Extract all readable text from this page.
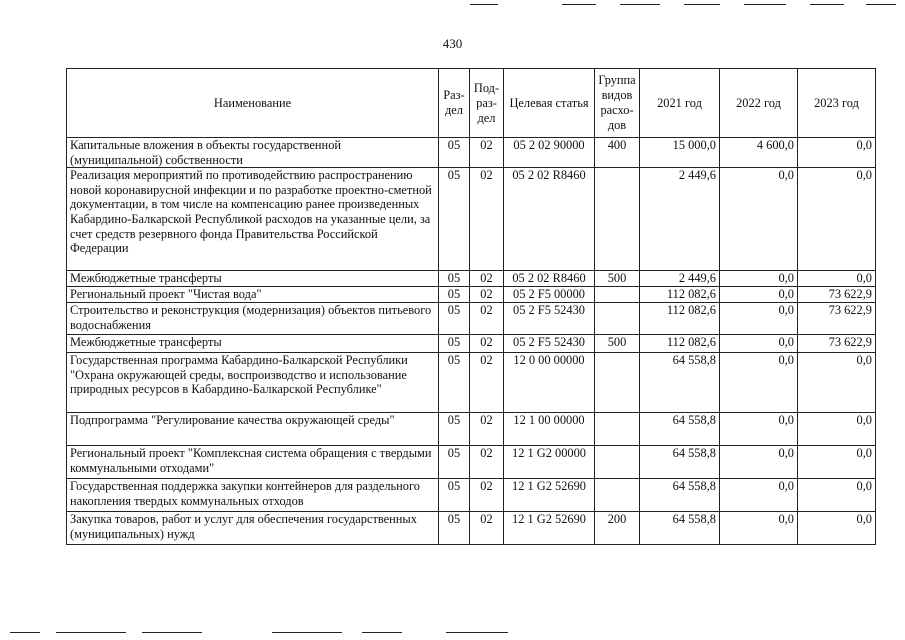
430
Наименование	Раз-дел	Под-раз-дел	Целевая статья	Группа видов расхо-дов	2021 год	2022 год	2023 год
Капитальные вложения в объекты государственной (муниципальной) собственности	05	02	05 2 02 90000	400	15 000,0	4 600,0	0,0
Реализация мероприятий по противодействию распространению новой коронавирусной инфекции и по разработке проектно-сметной документации, в том числе на компенсацию ранее произведенных Кабардино-Балкарской Республикой расходов на указанные цели, за счет средств резервного фонда Правительства Российской Федерации	05	02	05 2 02 R8460		2 449,6	0,0	0,0
Межбюджетные трансферты	05	02	05 2 02 R8460	500	2 449,6	0,0	0,0
Региональный проект "Чистая вода"	05	02	05 2 F5 00000		112 082,6	0,0	73 622,9
Строительство и реконструкция (модернизация) объектов питьевого водоснабжения	05	02	05 2 F5 52430		112 082,6	0,0	73 622,9
Межбюджетные трансферты	05	02	05 2 F5 52430	500	112 082,6	0,0	73 622,9
Государственная программа Кабардино-Балкарской Республики "Охрана окружающей среды, воспроизводство и использование природных ресурсов в Кабардино-Балкарской Республике"	05	02	12 0 00 00000		64 558,8	0,0	0,0
Подпрограмма "Регулирование качества окружающей среды"	05	02	12 1 00 00000		64 558,8	0,0	0,0
Региональный проект "Комплексная система обращения с твердыми коммунальными отходами"	05	02	12 1 G2 00000		64 558,8	0,0	0,0
Государственная поддержка закупки контейнеров для раздельного накопления твердых коммунальных отходов	05	02	12 1 G2 52690		64 558,8	0,0	0,0
Закупка товаров, работ и услуг для обеспечения государственных (муниципальных) нужд	05	02	12 1 G2 52690	200	64 558,8	0,0	0,0
